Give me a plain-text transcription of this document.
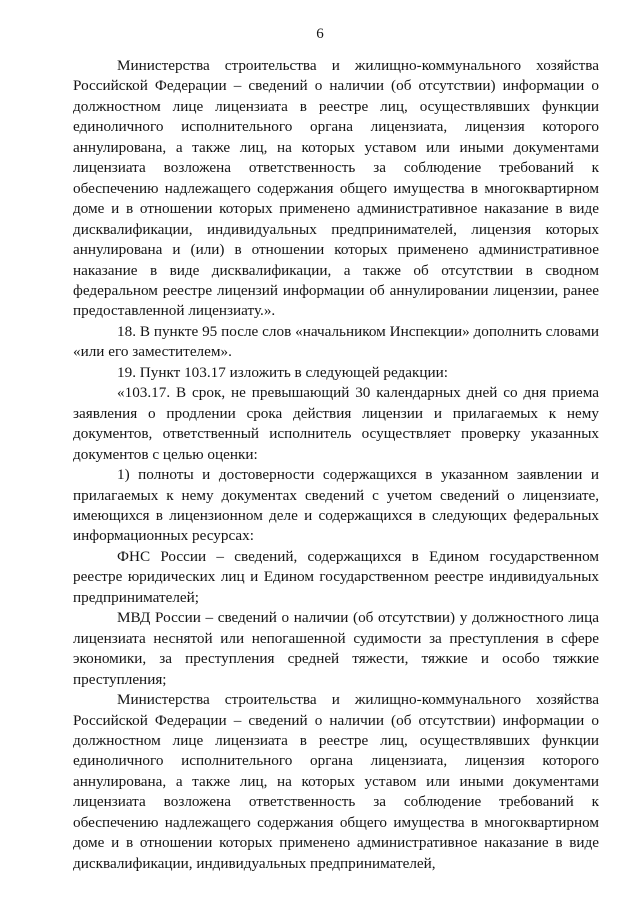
6

Министерства строительства и жилищно-коммунального хозяйства Российской Федерации – сведений о наличии (об отсутствии) информации о должностном лице лицензиата в реестре лиц, осуществлявших функции единоличного исполнительного органа лицензиата, лицензия которого аннулирована, а также лиц, на которых уставом или иными документами лицензиата возложена ответственность за соблюдение требований к обеспечению надлежащего содержания общего имущества в многоквартирном доме и в отношении которых применено административное наказание в виде дисквалификации, индивидуальных предпринимателей, лицензия которых аннулирована и (или) в отношении которых применено административное наказание в виде дисквалификации, а также об отсутствии в сводном федеральном реестре лицензий информации об аннулировании лицензии, ранее предоставленной лицензиату.».

18. В пункте 95 после слов «начальником Инспекции» дополнить словами «или его заместителем».

19. Пункт 103.17 изложить в следующей редакции:

«103.17. В срок, не превышающий 30 календарных дней со дня приема заявления о продлении срока действия лицензии и прилагаемых к нему документов, ответственный исполнитель осуществляет проверку указанных документов с целью оценки:

1) полноты и достоверности содержащихся в указанном заявлении и прилагаемых к нему документах сведений с учетом сведений о лицензиате, имеющихся в лицензионном деле и содержащихся в следующих федеральных информационных ресурсах:

ФНС России – сведений, содержащихся в Едином государственном реестре юридических лиц и Едином государственном реестре индивидуальных предпринимателей;

МВД России – сведений о наличии (об отсутствии) у должностного лица лицензиата неснятой или непогашенной судимости за преступления в сфере экономики, за преступления средней тяжести, тяжкие и особо тяжкие преступления;

Министерства строительства и жилищно-коммунального хозяйства Российской Федерации – сведений о наличии (об отсутствии) информации о должностном лице лицензиата в реестре лиц, осуществлявших функции единоличного исполнительного органа лицензиата, лицензия которого аннулирована, а также лиц, на которых уставом или иными документами лицензиата возложена ответственность за соблюдение требований к обеспечению надлежащего содержания общего имущества в многоквартирном доме и в отношении которых применено административное наказание в виде дисквалификации, индивидуальных предпринимателей,
